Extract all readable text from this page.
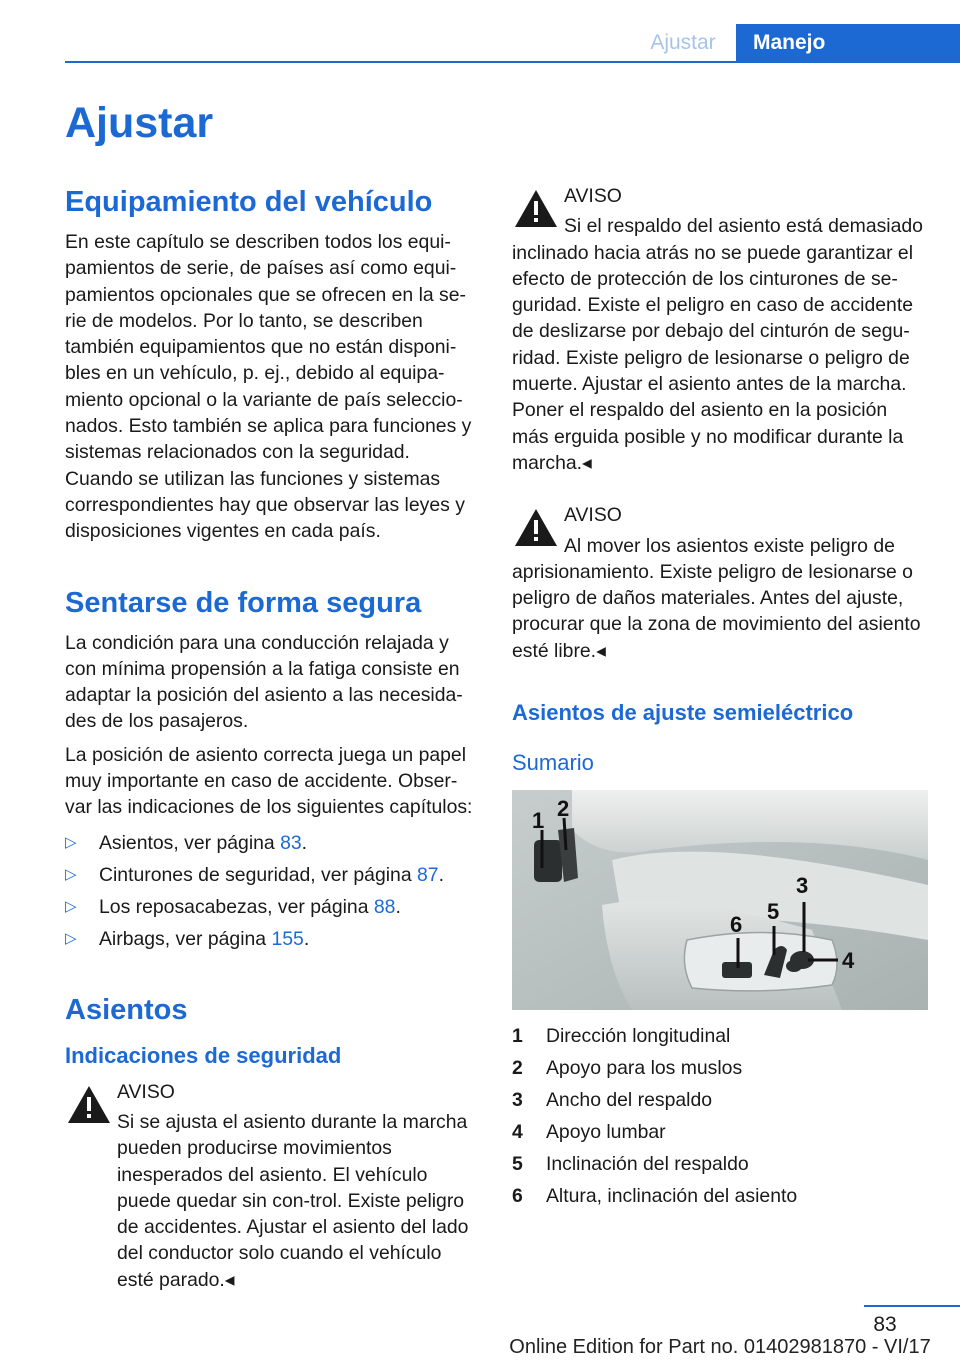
Ajustar	Manejo
Ajustar
Equipamiento del vehículo

En este capítulo se describen todos los equi-pamientos de serie, de países así como equi-pamientos opcionales que se ofrecen en la se-rie de modelos. Por lo tanto, se describen también equipamientos que no están disponi-bles en un vehículo, p. ej., debido al equipa-miento opcional o la variante de país seleccio-nados. Esto también se aplica para funciones y sistemas relacionados con la seguridad. Cuando se utilizan las funciones y sistemas correspondientes hay que observar las leyes y disposiciones vigentes en cada país.

Sentarse de forma segura

La condición para una conducción relajada y con mínima propensión a la fatiga consiste en adaptar la posición del asiento a las necesida-des de los pasajeros.

La posición de asiento correcta juega un papel muy importante en caso de accidente. Obser-var las indicaciones de los siguientes capítulos:

▷ Asientos, ver página 83.
▷ Cinturones de seguridad, ver página 87.
▷ Los reposacabezas, ver página 88.
▷ Airbags, ver página 155.
Asientos
Indicaciones de seguridad
AVISO
Si se ajusta el asiento durante la marcha pueden producirse movimientos inesperados del asiento. El vehículo puede quedar sin con-trol. Existe peligro de accidentes. Ajustar el asiento del lado del conductor solo cuando el vehículo esté parado.◂
AVISO
Si el respaldo del asiento está demasiado inclinado hacia atrás no se puede garantizar el efecto de protección de los cinturones de se-guridad. Existe el peligro en caso de accidente de deslizarse por debajo del cinturón de segu-ridad. Existe peligro de lesionarse o peligro de muerte. Ajustar el asiento antes de la marcha. Poner el respaldo del asiento en la posición más erguida posible y no modificar durante la marcha.◂
AVISO
Al mover los asientos existe peligro de aprisionamiento. Existe peligro de lesionarse o peligro de daños materiales. Antes del ajuste, procurar que la zona de movimiento del asiento esté libre.◂
Asientos de ajuste semieléctrico
Sumario
1 2
3
4
5
6
1	Dirección longitudinal
2	Apoyo para los muslos
3	Ancho del respaldo
4	Apoyo lumbar
5	Inclinación del respaldo
6	Altura, inclinación del asiento
83
Online Edition for Part no. 01402981870 - VI/17
